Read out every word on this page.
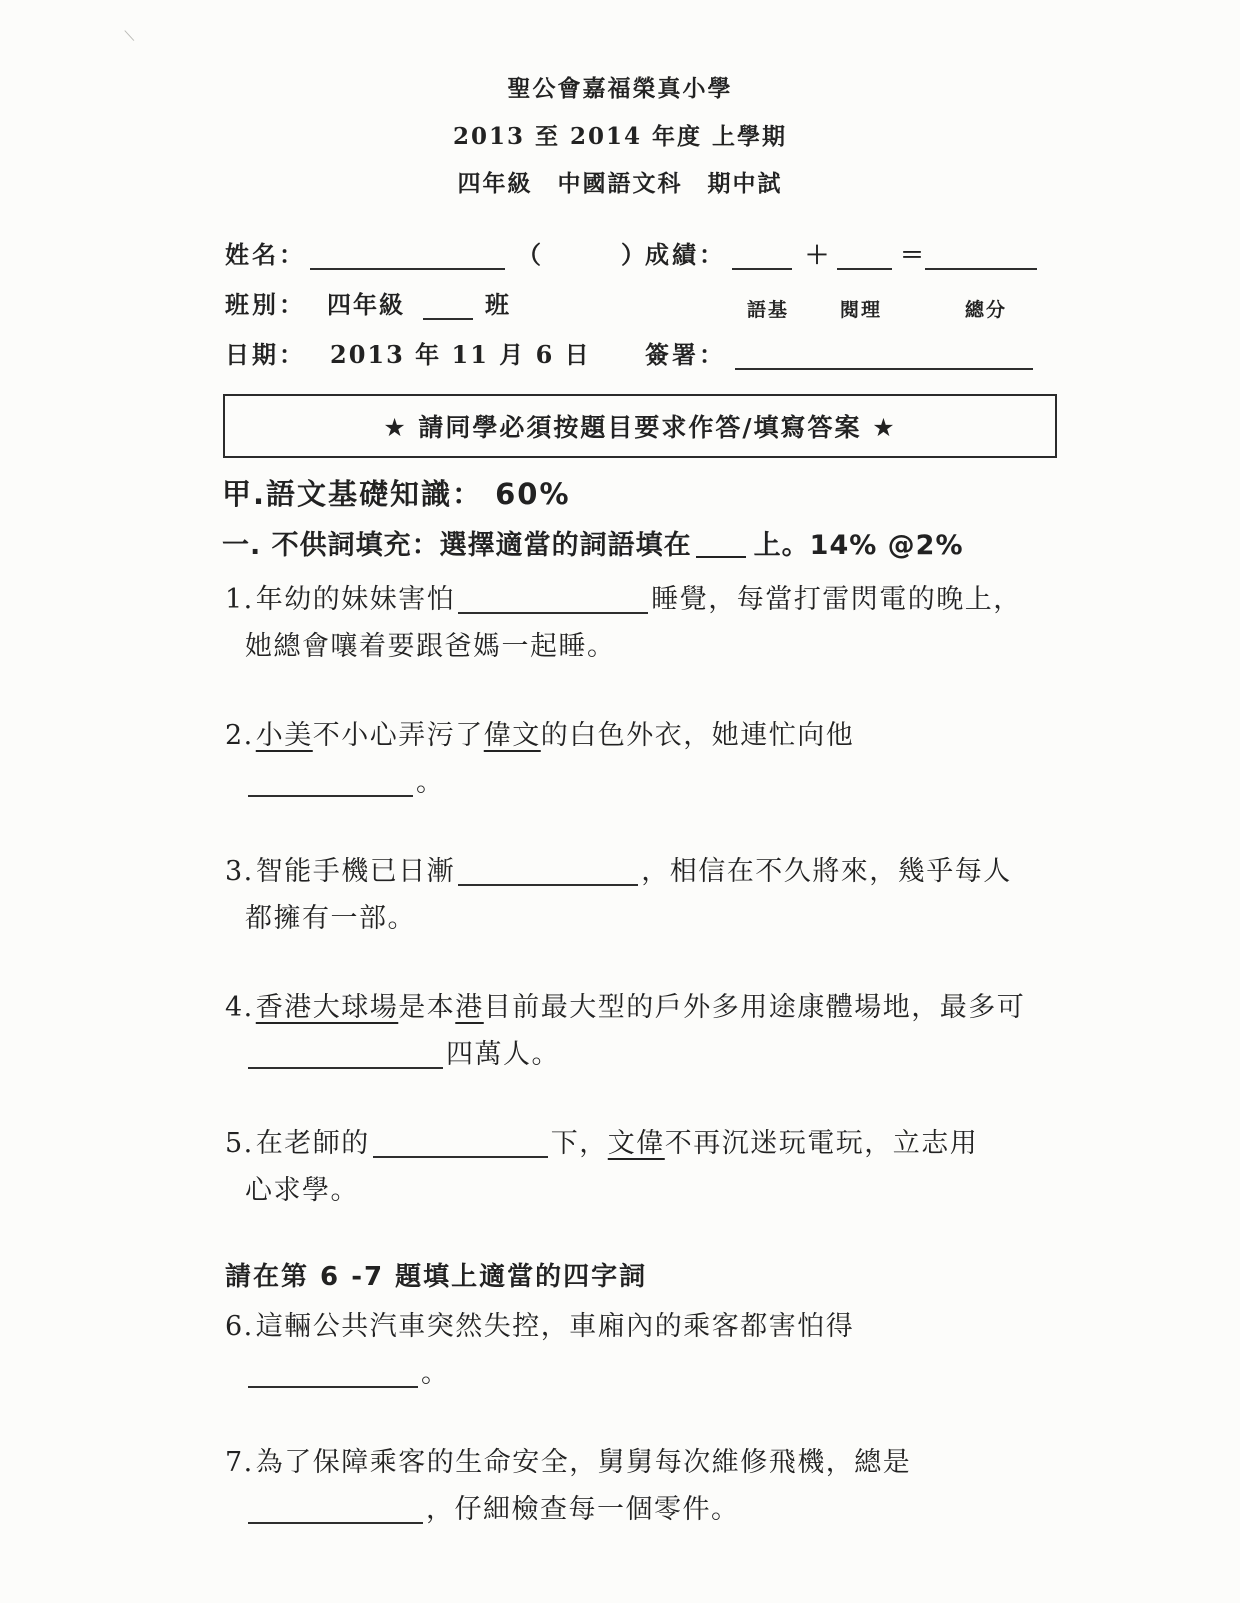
﹨
聖公會嘉福榮真小學
2013 至 2014 年度 上學期
四年級　中國語文科　期中試
姓名：	（　　　）
成績：	＋	＝
班別： 四年級	班	語基	閱理	總分
日期： 2013 年 11 月 6 日 簽署：
★ 請同學必須按題目要求作答/填寫答案 ★
甲.語文基礎知識： 60%
一. 不供詞填充：選擇適當的詞語填在 上。14% @2%
1.年幼的妹妹害怕	睡覺，每當打雷閃電的晚上，
她總會嚷着要跟爸媽一起睡。
2.小美不小心弄污了偉文的白色外衣，她連忙向他
。
3.智能手機已日漸	，相信在不久將來，幾乎每人
都擁有一部。
4.香港大球場是本港目前最大型的戶外多用途康體場地，最多可
四萬人。
5.在老師的	下，文偉不再沉迷玩電玩，立志用
心求學。
請在第 6 -7 題填上適當的四字詞
6.這輛公共汽車突然失控，車廂內的乘客都害怕得
。
7.為了保障乘客的生命安全，舅舅每次維修飛機，總是
，仔細檢查每一個零件。
